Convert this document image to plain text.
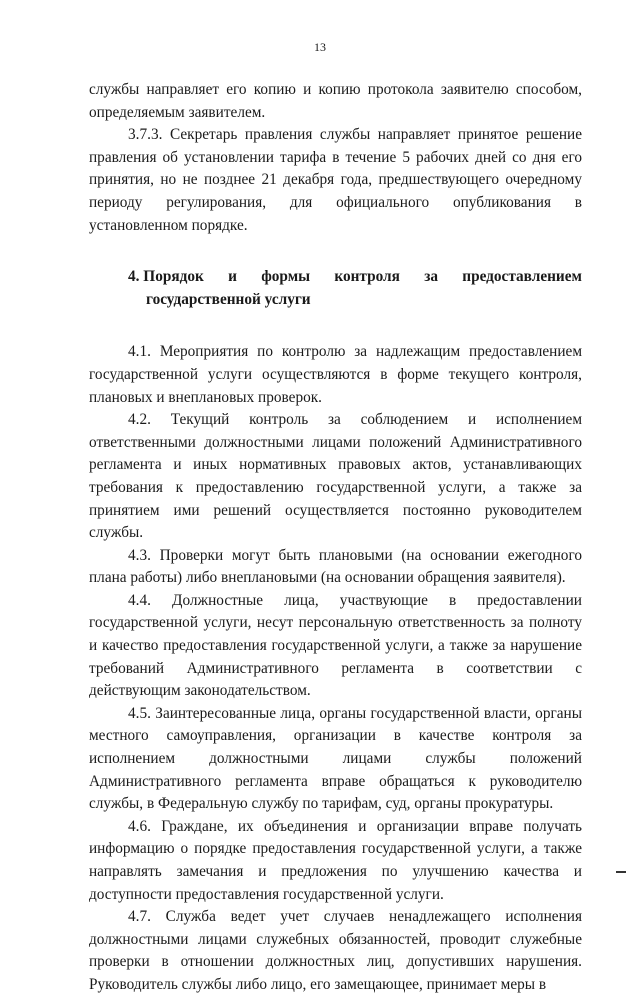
13

службы направляет его копию и копию протокола заявителю способом, определяемым заявителем.

3.7.3. Секретарь правления службы направляет принятое решение правления об установлении тарифа в течение 5 рабочих дней со дня его принятия, но не позднее 21 декабря года, предшествующего очередному периоду регулирования, для официального опубликования в установленном порядке.

4. Порядок и формы контроля за предоставлением
государственной услуги

4.1. Мероприятия по контролю за надлежащим предоставлением государственной услуги осуществляются в форме текущего контроля, плановых и внеплановых проверок.

4.2. Текущий контроль за соблюдением и исполнением ответственными должностными лицами положений Административного регламента и иных нормативных правовых актов, устанавливающих требования к предоставлению государственной услуги, а также за принятием ими решений осуществляется постоянно руководителем службы.

4.3. Проверки могут быть плановыми (на основании ежегодного плана работы) либо внеплановыми (на основании обращения заявителя).

4.4. Должностные лица, участвующие в предоставлении государственной услуги, несут персональную ответственность за полноту и качество предоставления государственной услуги, а также за нарушение требований Административного регламента в соответствии с действующим законодательством.

4.5. Заинтересованные лица, органы государственной власти, органы местного самоуправления, организации в качестве контроля за исполнением должностными лицами службы положений Административного регламента вправе обращаться к руководителю службы, в Федеральную службу по тарифам, суд, органы прокуратуры.

4.6. Граждане, их объединения и организации вправе получать информацию о порядке предоставления государственной услуги, а также направлять замечания и предложения по улучшению качества и доступности предоставления государственной услуги.

4.7. Служба ведет учет случаев ненадлежащего исполнения должностными лицами служебных обязанностей, проводит служебные проверки в отношении должностных лиц, допустивших нарушения. Руководитель службы либо лицо, его замещающее, принимает меры в
